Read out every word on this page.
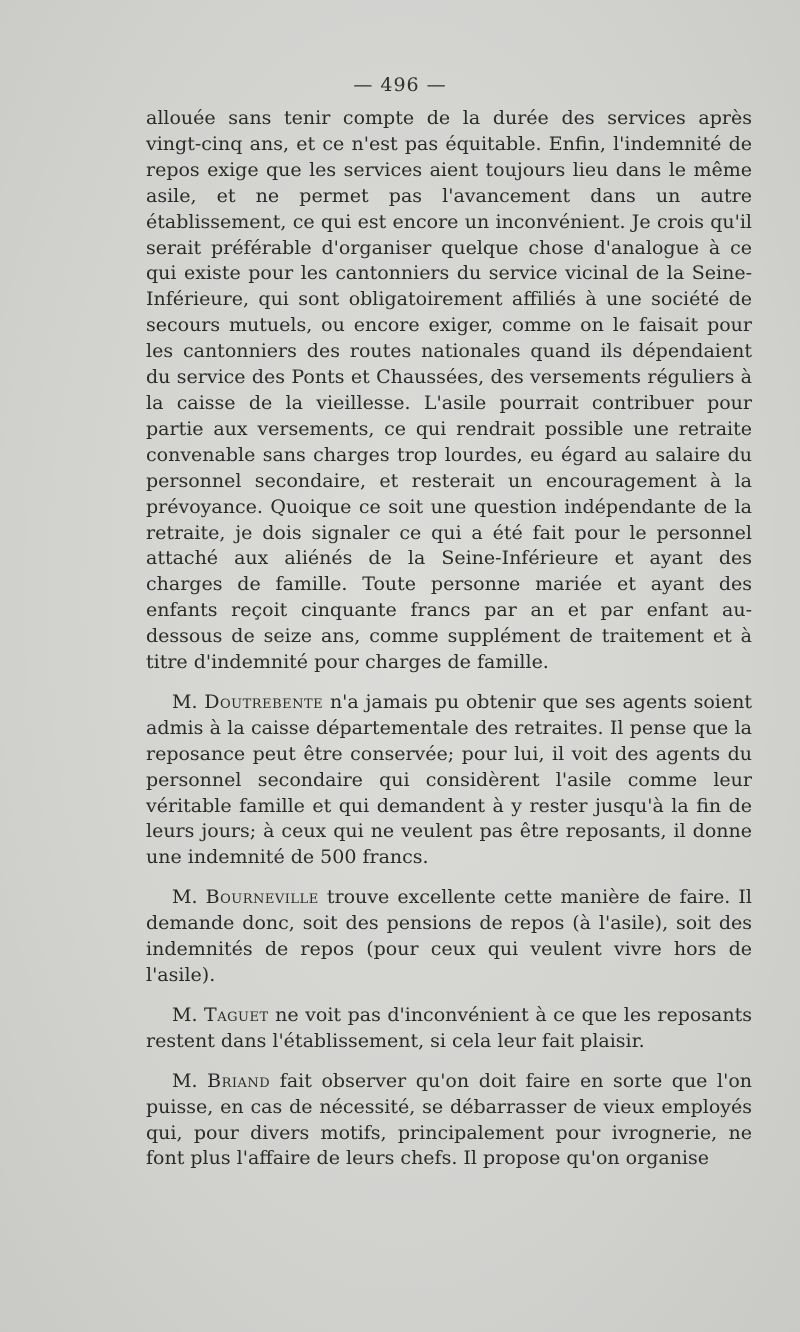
— 496 —

allouée sans tenir compte de la durée des services après vingt-cinq ans, et ce n'est pas équitable. Enfin, l'indemnité de repos exige que les services aient toujours lieu dans le même asile, et ne permet pas l'avancement dans un autre établissement, ce qui est encore un inconvénient. Je crois qu'il serait préférable d'organiser quelque chose d'analogue à ce qui existe pour les cantonniers du service vicinal de la Seine-Inférieure, qui sont obligatoirement affiliés à une société de secours mutuels, ou encore exiger, comme on le faisait pour les cantonniers des routes nationales quand ils dépendaient du service des Ponts et Chaussées, des versements réguliers à la caisse de la vieillesse. L'asile pourrait contribuer pour partie aux versements, ce qui rendrait possible une retraite convenable sans charges trop lourdes, eu égard au salaire du personnel secondaire, et resterait un encouragement à la prévoyance. Quoique ce soit une question indépendante de la retraite, je dois signaler ce qui a été fait pour le personnel attaché aux aliénés de la Seine-Inférieure et ayant des charges de famille. Toute personne mariée et ayant des enfants reçoit cinquante francs par an et par enfant au-dessous de seize ans, comme supplément de traitement et à titre d'indemnité pour charges de famille.

M. Doutrebente n'a jamais pu obtenir que ses agents soient admis à la caisse départementale des retraites. Il pense que la reposance peut être conservée; pour lui, il voit des agents du personnel secondaire qui considèrent l'asile comme leur véritable famille et qui demandent à y rester jusqu'à la fin de leurs jours; à ceux qui ne veulent pas être reposants, il donne une indemnité de 500 francs.

M. Bourneville trouve excellente cette manière de faire. Il demande donc, soit des pensions de repos (à l'asile), soit des indemnités de repos (pour ceux qui veulent vivre hors de l'asile).

M. Taguet ne voit pas d'inconvénient à ce que les reposants restent dans l'établissement, si cela leur fait plaisir.

M. Briand fait observer qu'on doit faire en sorte que l'on puisse, en cas de nécessité, se débarrasser de vieux employés qui, pour divers motifs, principalement pour ivrognerie, ne font plus l'affaire de leurs chefs. Il propose qu'on organise
